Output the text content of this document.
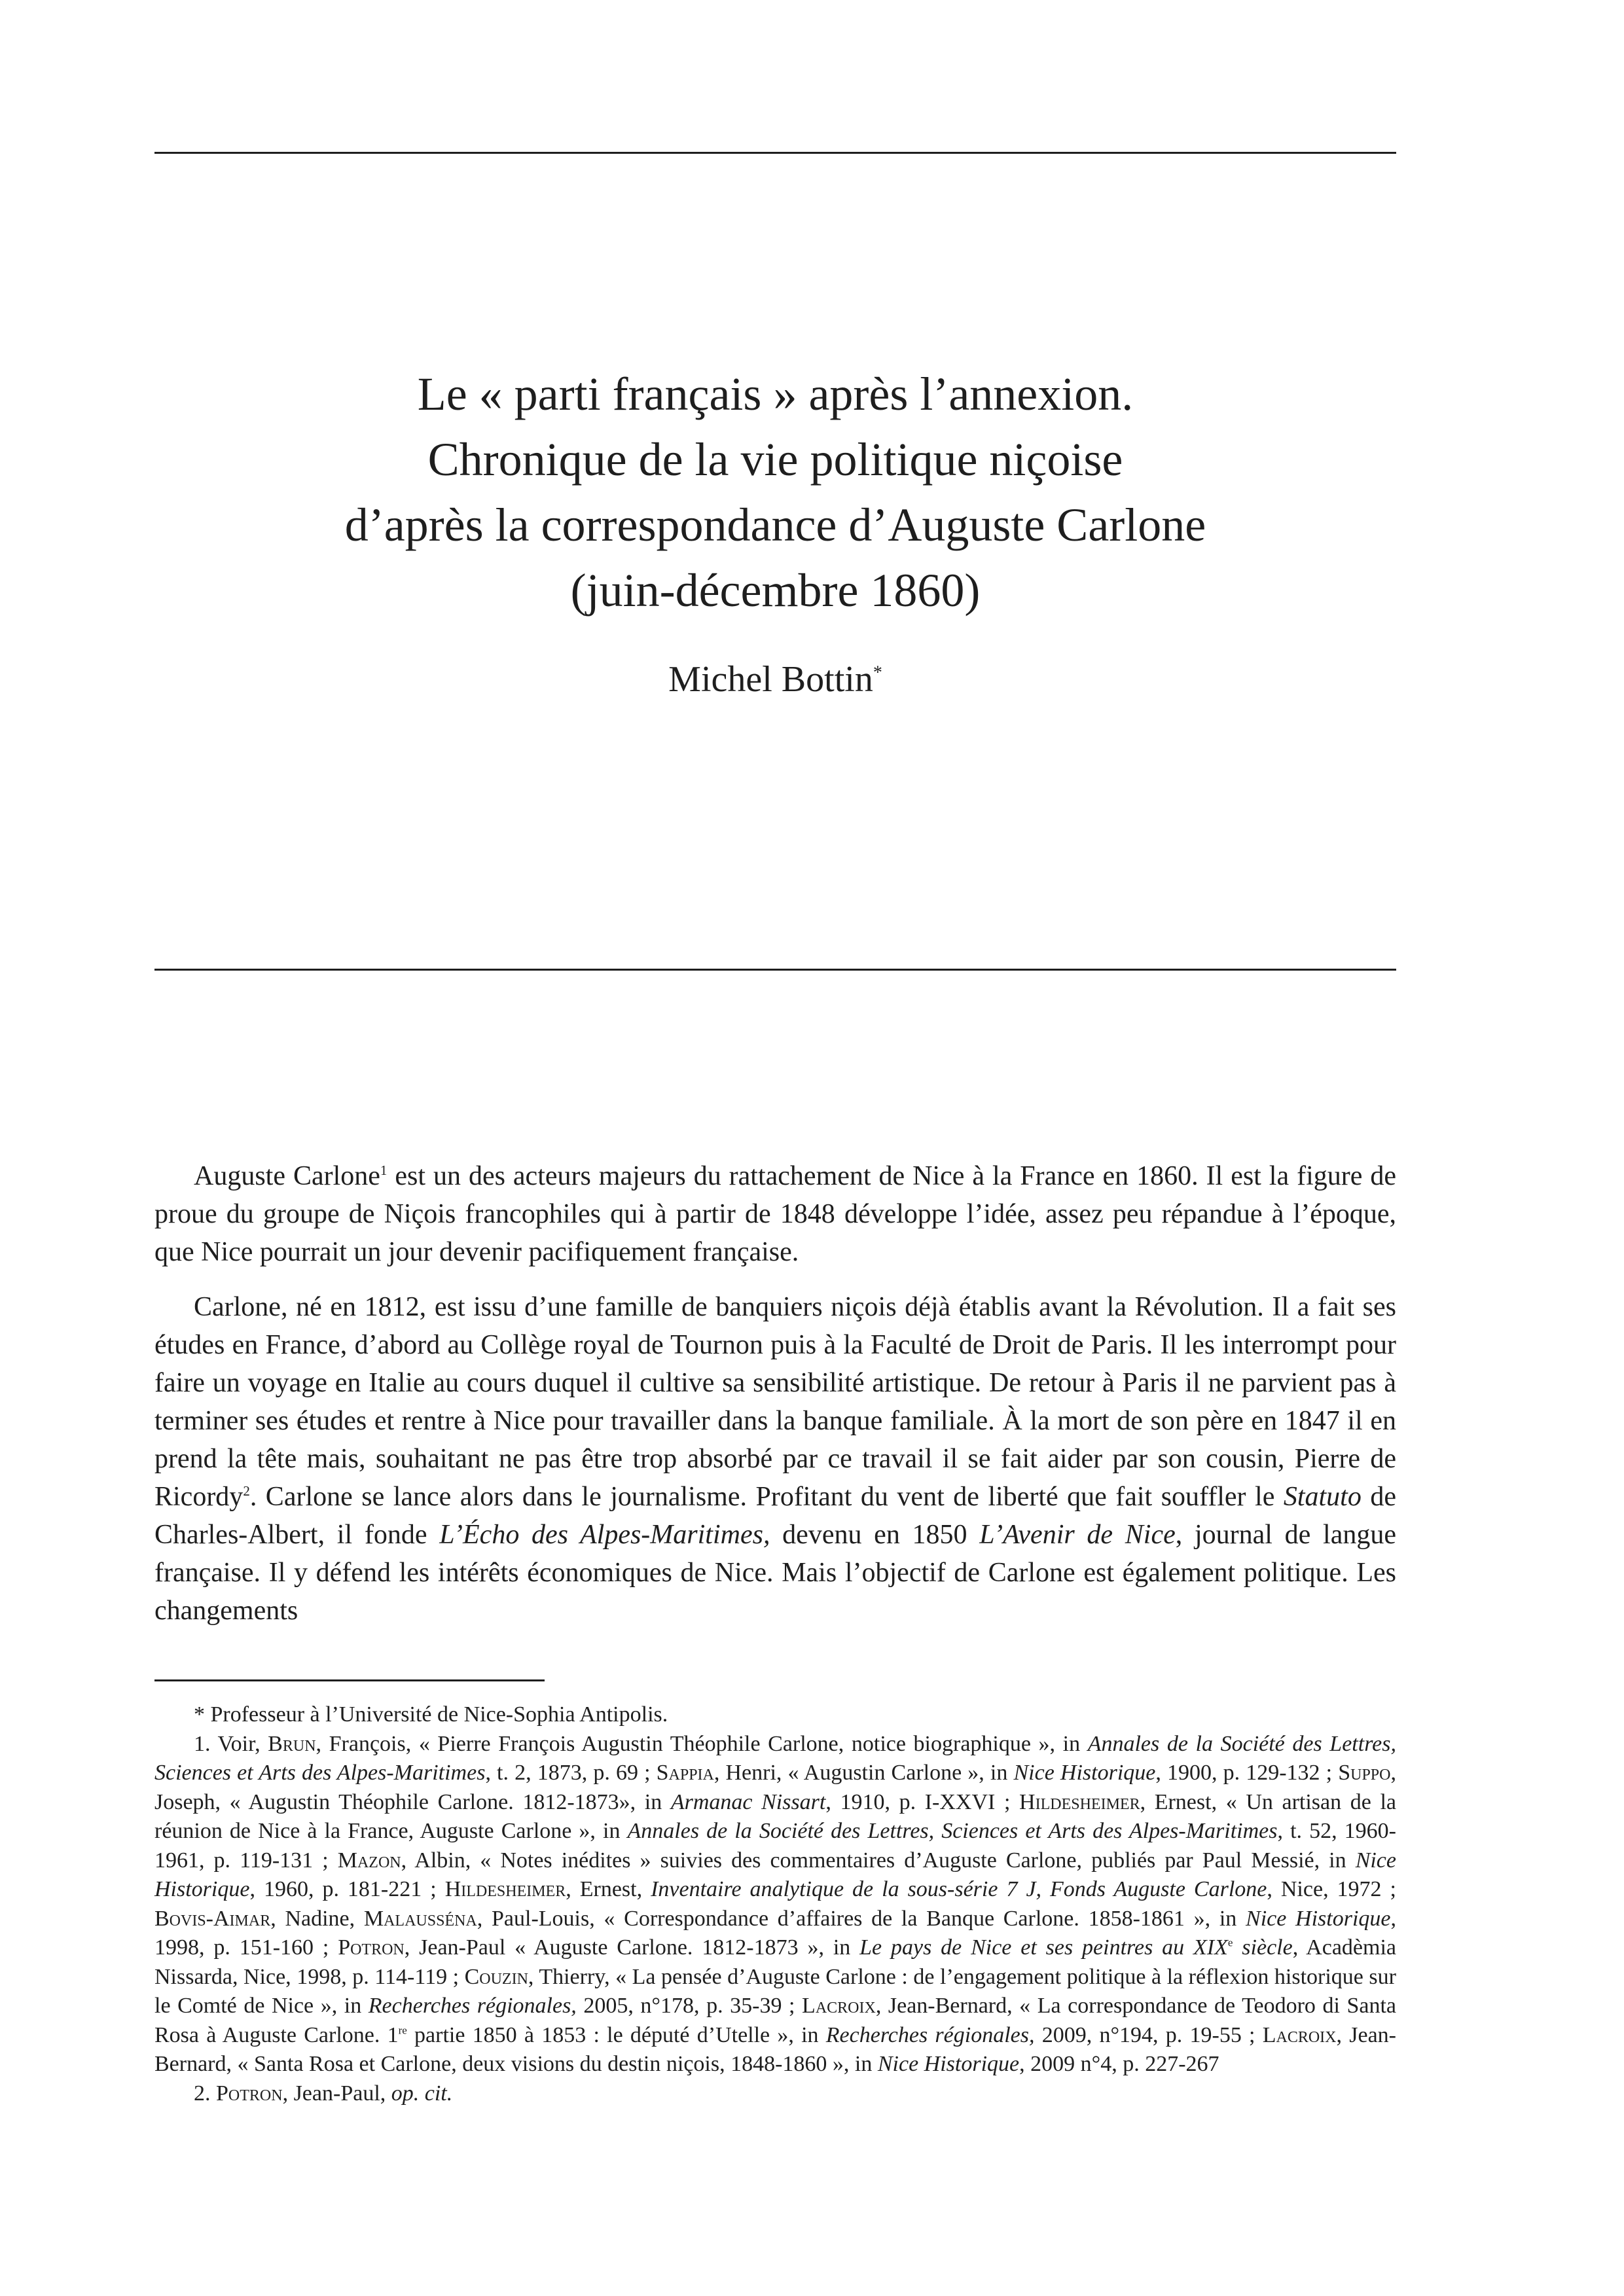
Le « parti français » après l’annexion.
Chronique de la vie politique niçoise
d’après la correspondance d’Auguste Carlone
(juin-décembre 1860)
Michel Bottin*

Auguste Carlone$^1$ est un des acteurs majeurs du rattachement de Nice à la France en 1860. Il est la figure de proue du groupe de Niçois francophiles qui à partir de 1848 développe l’idée, assez peu répandue à l’époque, que Nice pourrait un jour devenir pacifiquement française.

Carlone, né en 1812, est issu d’une famille de banquiers niçois déjà établis avant la Révolution. Il a fait ses études en France, d’abord au Collège royal de Tournon puis à la Faculté de Droit de Paris. Il les interrompt pour faire un voyage en Italie au cours duquel il cultive sa sensibilité artistique. De retour à Paris il ne parvient pas à terminer ses études et rentre à Nice pour travailler dans la banque familiale. À la mort de son père en 1847 il en prend la tête mais, souhaitant ne pas être trop absorbé par ce travail il se fait aider par son cousin, Pierre de Ricordy$^2$. Carlone se lance alors dans le journalisme. Profitant du vent de liberté que fait souffler le Statuto de Charles-Albert, il fonde L’Écho des Alpes-Maritimes, devenu en 1850 L’Avenir de Nice, journal de langue française. Il y défend les intérêts économiques de Nice. Mais l’objectif de Carlone est également politique. Les changements

* Professeur à l’Université de Nice-Sophia Antipolis.

1. Voir, Brun, François, « Pierre François Augustin Théophile Carlone, notice biographique », in Annales de la Société des Lettres, Sciences et Arts des Alpes-Maritimes, t. 2, 1873, p. 69 ; Sappia, Henri, « Augustin Carlone », in Nice Historique, 1900, p. 129-132 ; Suppo, Joseph, « Augustin Théophile Carlone. 1812-1873», in Armanac Nissart, 1910, p. I-XXVI ; Hildesheimer, Ernest, « Un artisan de la réunion de Nice à la France, Auguste Carlone », in Annales de la Société des Lettres, Sciences et Arts des Alpes-Maritimes, t. 52, 1960-1961, p. 119-131 ; Mazon, Albin, « Notes inédites » suivies des commentaires d’Auguste Carlone, publiés par Paul Messié, in Nice Historique, 1960, p. 181-221 ; Hildesheimer, Ernest, Inventaire analytique de la sous-série 7 J, Fonds Auguste Carlone, Nice, 1972 ; Bovis-Aimar, Nadine, Malausséna, Paul-Louis, « Correspondance d’affaires de la Banque Carlone. 1858-1861 », in Nice Historique, 1998, p. 151-160 ; Potron, Jean-Paul « Auguste Carlone. 1812-1873 », in Le pays de Nice et ses peintres au XIXe siècle, Acadèmia Nissarda, Nice, 1998, p. 114-119 ; Couzin, Thierry, « La pensée d’Auguste Carlone : de l’engagement politique à la réflexion historique sur le Comté de Nice », in Recherches régionales, 2005, n°178, p. 35-39 ; Lacroix, Jean-Bernard, « La correspondance de Teodoro di Santa Rosa à Auguste Carlone. 1re partie 1850 à 1853 : le député d’Utelle », in Recherches régionales, 2009, n°194, p. 19-55 ; Lacroix, Jean-Bernard, « Santa Rosa et Carlone, deux visions du destin niçois, 1848-1860 », in Nice Historique, 2009 n°4, p. 227-267

2. Potron, Jean-Paul, op. cit.
